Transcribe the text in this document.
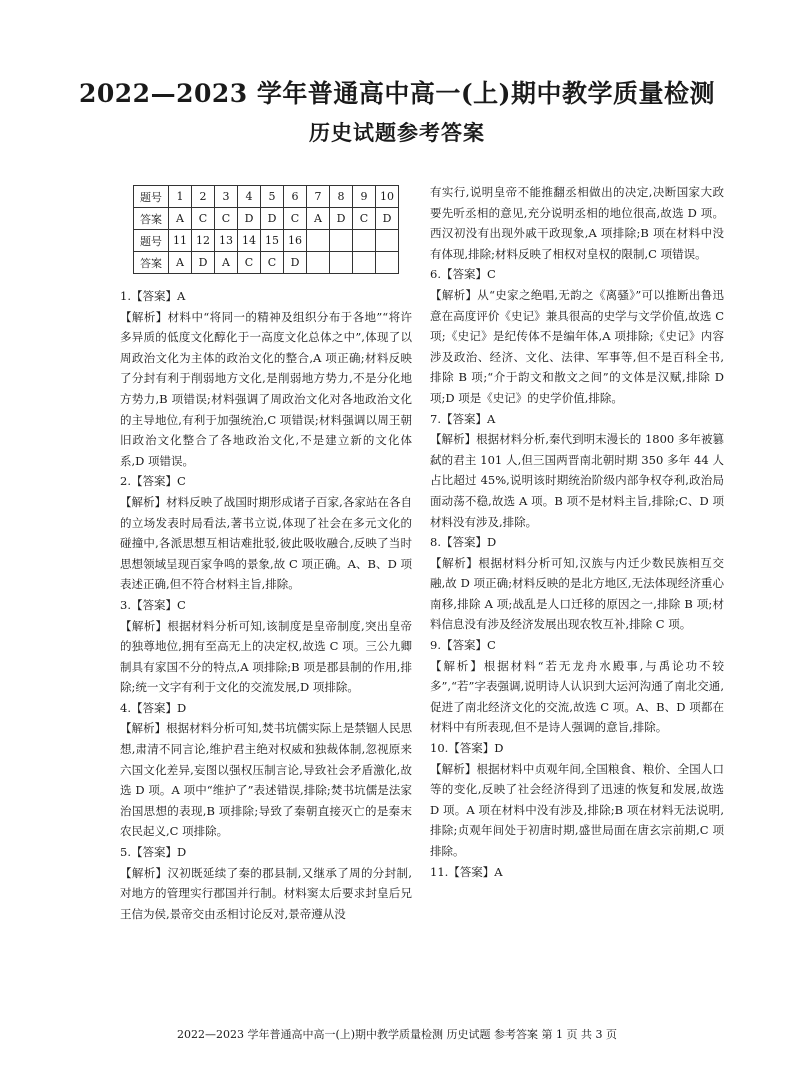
2022—2023 学年普通高中高一(上)期中教学质量检测
历史试题参考答案
题号	1	2	3	4	5	6	7	8	9	10
答案	A	C	C	D	D	C	A	D	C	D
题号	11	12	13	14	15	16				
答案	A	D	A	C	C	D				

1.【答案】A

【解析】材料中“将同一的精神及组织分布于各地”“将许多异质的低度文化醇化于一高度文化总体之中”,体现了以周政治文化为主体的政治文化的整合,A 项正确;材料反映了分封有利于削弱地方文化,是削弱地方势力,不是分化地方势力,B 项错误;材料强调了周政治文化对各地政治文化的主导地位,有利于加强统治,C 项错误;材料强调以周王朝旧政治文化整合了各地政治文化,不是建立新的文化体系,D 项错误。

2.【答案】C

【解析】材料反映了战国时期形成诸子百家,各家站在各自的立场发表时局看法,著书立说,体现了社会在多元文化的碰撞中,各派思想互相诘难批驳,彼此吸收融合,反映了当时思想领域呈现百家争鸣的景象,故 C 项正确。A、B、D 项表述正确,但不符合材料主旨,排除。

3.【答案】C

【解析】根据材料分析可知,该制度是皇帝制度,突出皇帝的独尊地位,拥有至高无上的决定权,故选 C 项。三公九卿制具有家国不分的特点,A 项排除;B 项是郡县制的作用,排除;统一文字有利于文化的交流发展,D 项排除。

4.【答案】D

【解析】根据材料分析可知,焚书坑儒实际上是禁锢人民思想,肃清不同言论,维护君主绝对权威和独裁体制,忽视原来六国文化差异,妄图以强权压制言论,导致社会矛盾激化,故选 D 项。A 项中“维护了”表述错误,排除;焚书坑儒是法家治国思想的表现,B 项排除;导致了秦朝直接灭亡的是秦末农民起义,C 项排除。

5.【答案】D

【解析】汉初既延续了秦的郡县制,又继承了周的分封制,对地方的管理实行郡国并行制。材料窦太后要求封皇后兄王信为侯,景帝交由丞相讨论反对,景帝遵从没

有实行,说明皇帝不能推翻丞相做出的决定,决断国家大政要先听丞相的意见,充分说明丞相的地位很高,故选 D 项。西汉初没有出现外戚干政现象,A 项排除;B 项在材料中没有体现,排除;材料反映了相权对皇权的限制,C 项错误。

6.【答案】C

【解析】从“史家之绝唱,无韵之《离骚》”可以推断出鲁迅意在高度评价《史记》兼具很高的史学与文学价值,故选 C 项;《史记》是纪传体不是编年体,A 项排除;《史记》内容涉及政治、经济、文化、法律、军事等,但不是百科全书,排除 B 项;“介于韵文和散文之间”的文体是汉赋,排除 D 项;D 项是《史记》的史学价值,排除。

7.【答案】A

【解析】根据材料分析,秦代到明末漫长的 1800 多年被篡弑的君主 101 人,但三国两晋南北朝时期 350 多年 44 人占比超过 45%,说明该时期统治阶级内部争权夺利,政治局面动荡不稳,故选 A 项。B 项不是材料主旨,排除;C、D 项材料没有涉及,排除。

8.【答案】D

【解析】根据材料分析可知,汉族与内迁少数民族相互交融,故 D 项正确;材料反映的是北方地区,无法体现经济重心南移,排除 A 项;战乱是人口迁移的原因之一,排除 B 项;材料信息没有涉及经济发展出现农牧互补,排除 C 项。

9.【答案】C

【解析】根据材料“若无龙舟水殿事,与禹论功不较多”,“若”字表强调,说明诗人认识到大运河沟通了南北交通,促进了南北经济文化的交流,故选 C 项。A、B、D 项都在材料中有所表现,但不是诗人强调的意旨,排除。

10.【答案】D

【解析】根据材料中贞观年间,全国粮食、粮价、全国人口等的变化,反映了社会经济得到了迅速的恢复和发展,故选 D 项。A 项在材料中没有涉及,排除;B 项在材料无法说明,排除;贞观年间处于初唐时期,盛世局面在唐玄宗前期,C 项排除。

11.【答案】A

2022—2023 学年普通高中高一(上)期中教学质量检测 历史试题 参考答案 第 1 页 共 3 页
